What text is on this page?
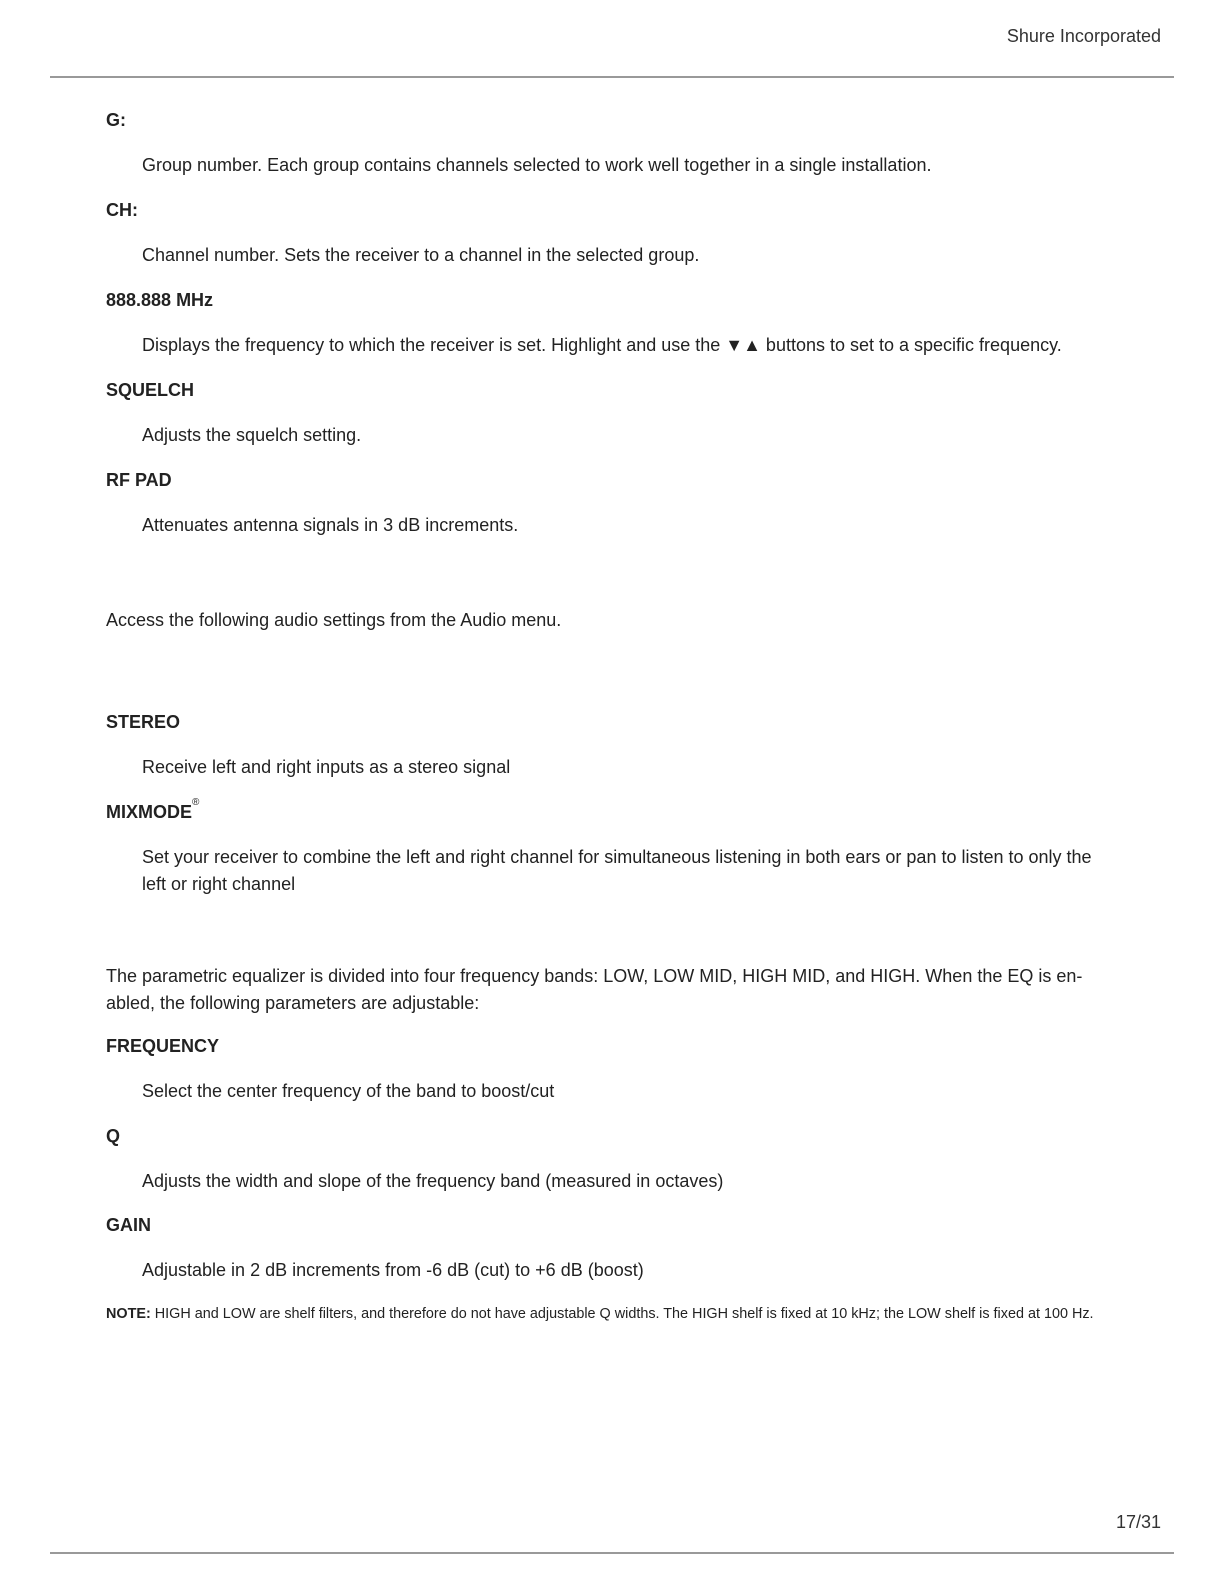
Shure Incorporated
G:
Group number. Each group contains channels selected to work well together in a single installation.
CH:
Channel number. Sets the receiver to a channel in the selected group.
888.888 MHz
Displays the frequency to which the receiver is set. Highlight and use the ▼▲ buttons to set to a specific frequency.
SQUELCH
Adjusts the squelch setting.
RF PAD
Attenuates antenna signals in 3 dB increments.
Access the following audio settings from the Audio menu.
STEREO
Receive left and right inputs as a stereo signal
MIXMODE®
Set your receiver to combine the left and right channel for simultaneous listening in both ears or pan to listen to only the
left or right channel
The parametric equalizer is divided into four frequency bands: LOW, LOW MID, HIGH MID, and HIGH. When the EQ is en-
abled, the following parameters are adjustable:
FREQUENCY
Select the center frequency of the band to boost/cut
Q
Adjusts the width and slope of the frequency band (measured in octaves)
GAIN
Adjustable in 2 dB increments from -6 dB (cut) to +6 dB (boost)
NOTE: HIGH and LOW are shelf filters, and therefore do not have adjustable Q widths. The HIGH shelf is fixed at 10 kHz; the LOW shelf is fixed at 100 Hz.
17/31
